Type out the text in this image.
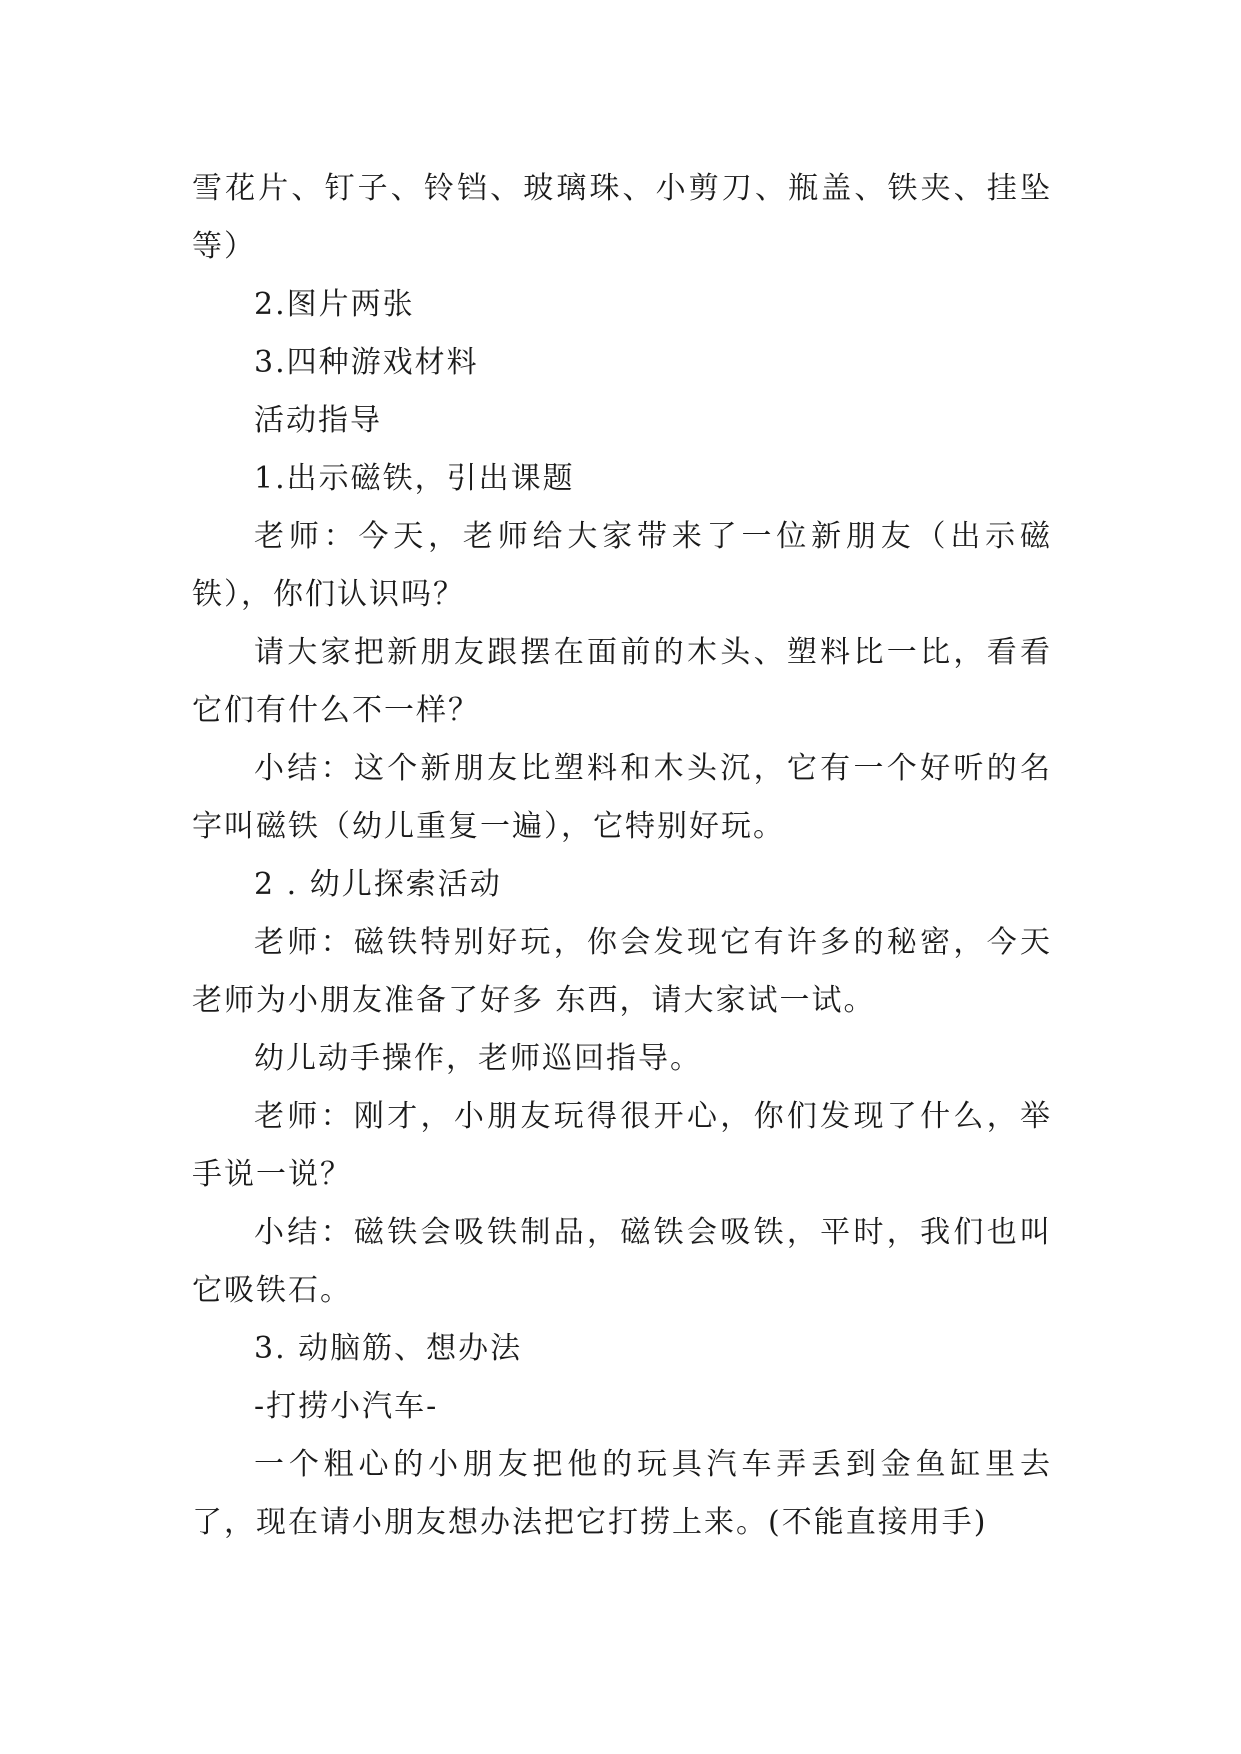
雪花片、钉子、铃铛、玻璃珠、小剪刀、瓶盖、铁夹、挂坠等）

2.图片两张

3.四种游戏材料

活动指导

1.出示磁铁，引出课题

老师：今天，老师给大家带来了一位新朋友（出示磁铁），你们认识吗？

请大家把新朋友跟摆在面前的木头、塑料比一比，看看它们有什么不一样？

小结：这个新朋友比塑料和木头沉，它有一个好听的名字叫磁铁（幼儿重复一遍），它特别好玩。

2 . 幼儿探索活动

老师：磁铁特别好玩，你会发现它有许多的秘密，今天老师为小朋友准备了好多 东西，请大家试一试。

幼儿动手操作，老师巡回指导。

老师：刚才，小朋友玩得很开心，你们发现了什么，举手说一说？

小结：磁铁会吸铁制品，磁铁会吸铁，平时，我们也叫它吸铁石。

3. 动脑筋、想办法

-打捞小汽车-

一个粗心的小朋友把他的玩具汽车弄丢到金鱼缸里去了，现在请小朋友想办法把它打捞上来。(不能直接用手)
